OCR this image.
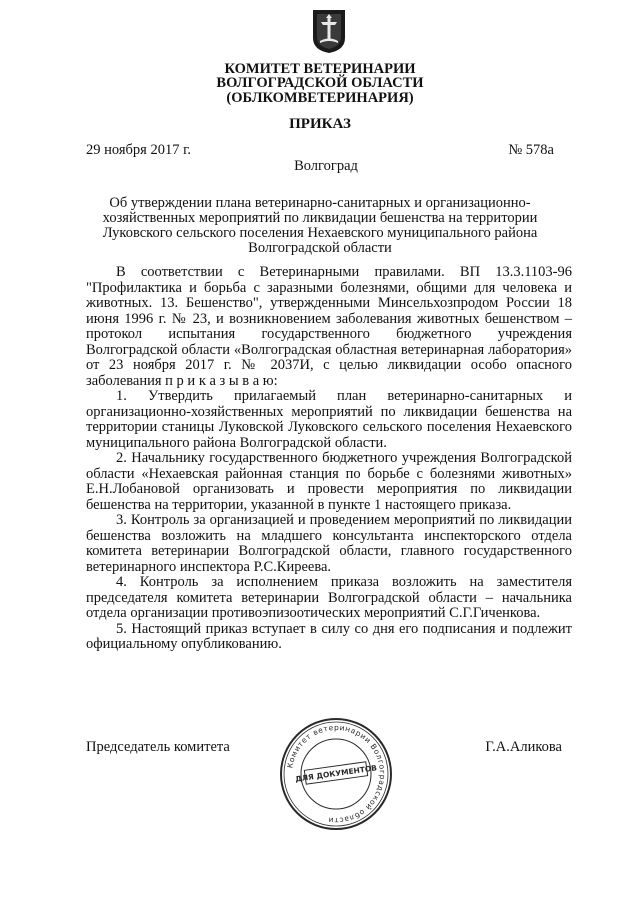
КОМИТЕТ ВЕТЕРИНАРИИ
ВОЛГОГРАДСКОЙ ОБЛАСТИ
(ОБЛКОМВЕТЕРИНАРИЯ)
ПРИКАЗ
29 ноября 2017 г.	№ 578а
Волгоград
Об утверждении плана ветеринарно-санитарных и организационно-
хозяйственных мероприятий по ликвидации бешенства на территории
Луковского сельского поселения Нехаевского муниципального района
Волгоградской области

В соответствии с Ветеринарными правилами. ВП 13.3.1103-96 "Профилактика и борьба с заразными болезнями, общими для человека и животных. 13. Бешенство", утвержденными Минсельхозпродом России 18 июня 1996 г. № 23, и возникновением заболевания животных бешенством – протокол испытания государственного бюджетного учреждения Волгоградской области «Волгоградская областная ветеринарная лаборатория» от 23 ноября 2017 г. № 2037И, с целью ликвидации особо опасного заболевания п р и к а з ы в а ю:

1. Утвердить прилагаемый план ветеринарно-санитарных и организационно-хозяйственных мероприятий по ликвидации бешенства на территории станицы Луковской Луковского сельского поселения Нехаевского муниципального района Волгоградской области.

2. Начальнику государственного бюджетного учреждения Волгоградской области «Нехаевская районная станция по борьбе с болезнями животных» Е.Н.Лобановой организовать и провести мероприятия по ликвидации бешенства на территории, указанной в пункте 1 настоящего приказа.

3. Контроль за организацией и проведением мероприятий по ликвидации бешенства возложить на младшего консультанта инспекторского отдела комитета ветеринарии Волгоградской области, главного государственного ветеринарного инспектора Р.С.Киреева.

4. Контроль за исполнением приказа возложить на заместителя председателя комитета ветеринарии Волгоградской области – начальника отдела организации противоэпизоотических мероприятий С.Г.Гиченкова.

5. Настоящий приказ вступает в силу со дня его подписания и подлежит официальному опубликованию.

Председатель комитета	Г.А.Аликова
Комитет ветеринарии Волгоградской области
ДЛЯ ДОКУМЕНТОВ
